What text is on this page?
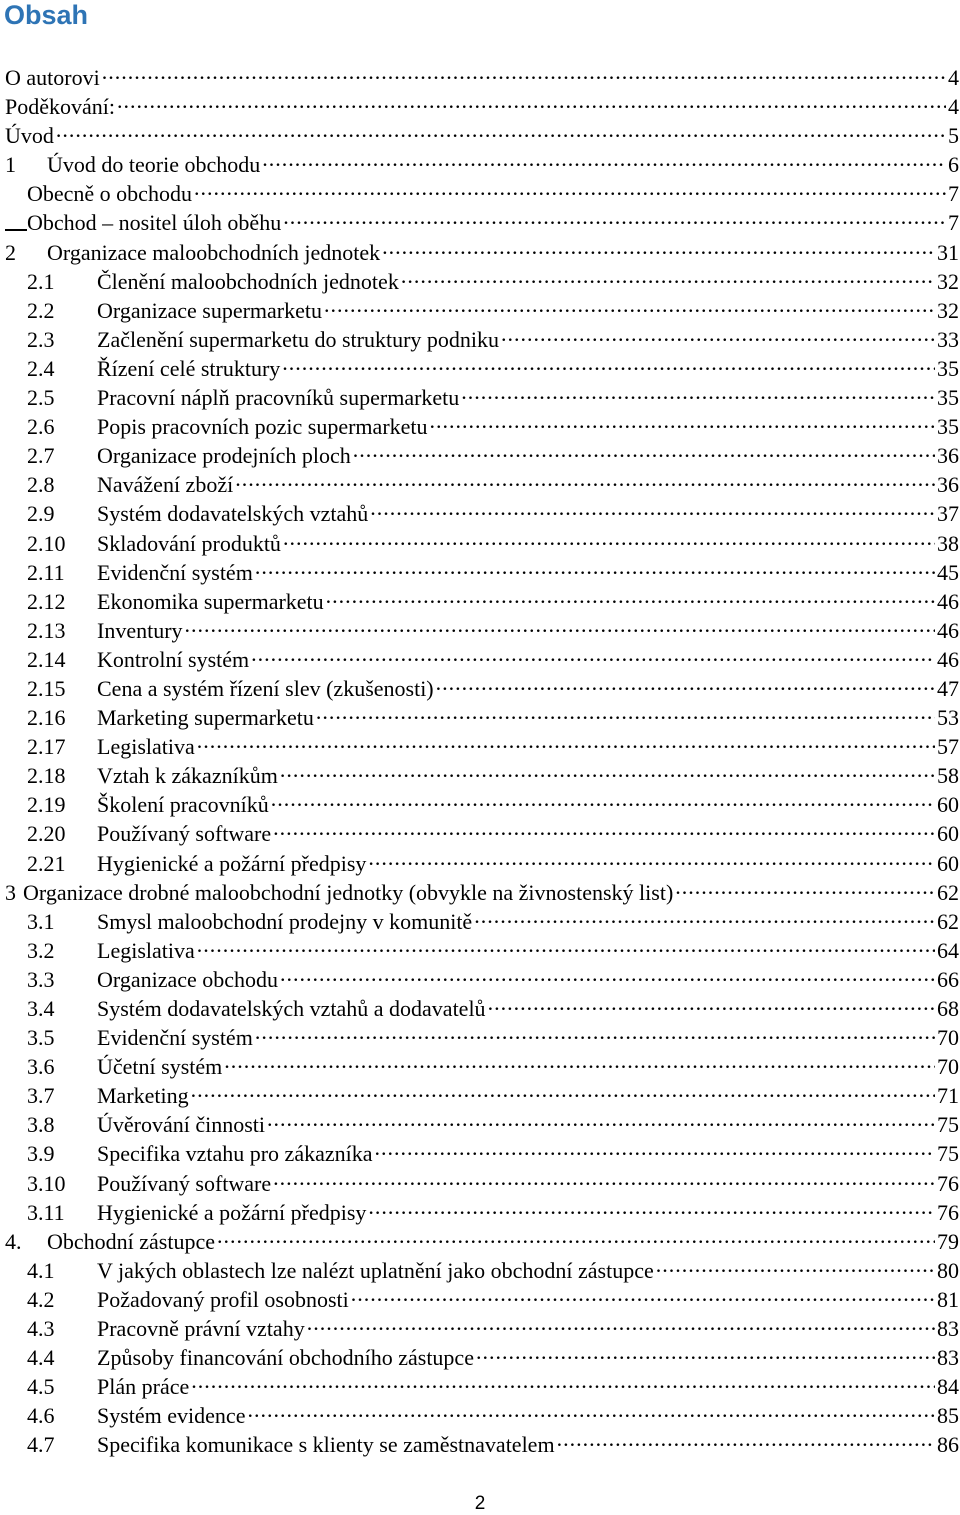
Obsah
O autorovi .....	4
Poděkování: .....	4
Úvod .....	5
1	Úvod do teorie obchodu .....	6
Obecně o obchodu .....	7
Obchod – nositel úloh oběhu .....	7
2	Organizace maloobchodních jednotek .....	31
2.1	Členění maloobchodních jednotek .....	32
2.2	Organizace supermarketu .....	32
2.3	Začlenění supermarketu do struktury podniku .....	33
2.4	Řízení celé struktury .....	35
2.5	Pracovní náplň pracovníků supermarketu .....	35
2.6	Popis pracovních pozic supermarketu .....	35
2.7	Organizace prodejních ploch .....	36
2.8	Navážení zboží .....	36
2.9	Systém dodavatelských vztahů .....	37
2.10	Skladování produktů .....	38
2.11	Evidenční systém .....	45
2.12	Ekonomika supermarketu .....	46
2.13	Inventury .....	46
2.14	Kontrolní systém .....	46
2.15	Cena a systém řízení slev (zkušenosti) .....	47
2.16	Marketing supermarketu .....	53
2.17	Legislativa .....	57
2.18	Vztah k zákazníkům .....	58
2.19	Školení pracovníků .....	60
2.20	Používaný software .....	60
2.21	Hygienické a požární předpisy .....	60
3 Organizace drobné maloobchodní jednotky (obvykle na živnostenský list) .....	62
3.1	Smysl maloobchodní prodejny v komunitě .....	62
3.2	Legislativa .....	64
3.3	Organizace obchodu .....	66
3.4	Systém dodavatelských vztahů a dodavatelů .....	68
3.5	Evidenční systém .....	70
3.6	Účetní systém .....	70
3.7	Marketing .....	71
3.8	Úvěrování činnosti .....	75
3.9	Specifika vztahu pro zákazníka .....	75
3.10	Používaný software .....	76
3.11	Hygienické a požární předpisy .....	76
4.	Obchodní zástupce .....	79
4.1	V jakých oblastech lze nalézt uplatnění jako obchodní zástupce .....	80
4.2	Požadovaný profil osobnosti .....	81
4.3	Pracovně právní vztahy .....	83
4.4	Způsoby financování obchodního zástupce .....	83
4.5	Plán práce .....	84
4.6	Systém evidence .....	85
4.7	Specifika komunikace s klienty se zaměstnavatelem .....	86
2
